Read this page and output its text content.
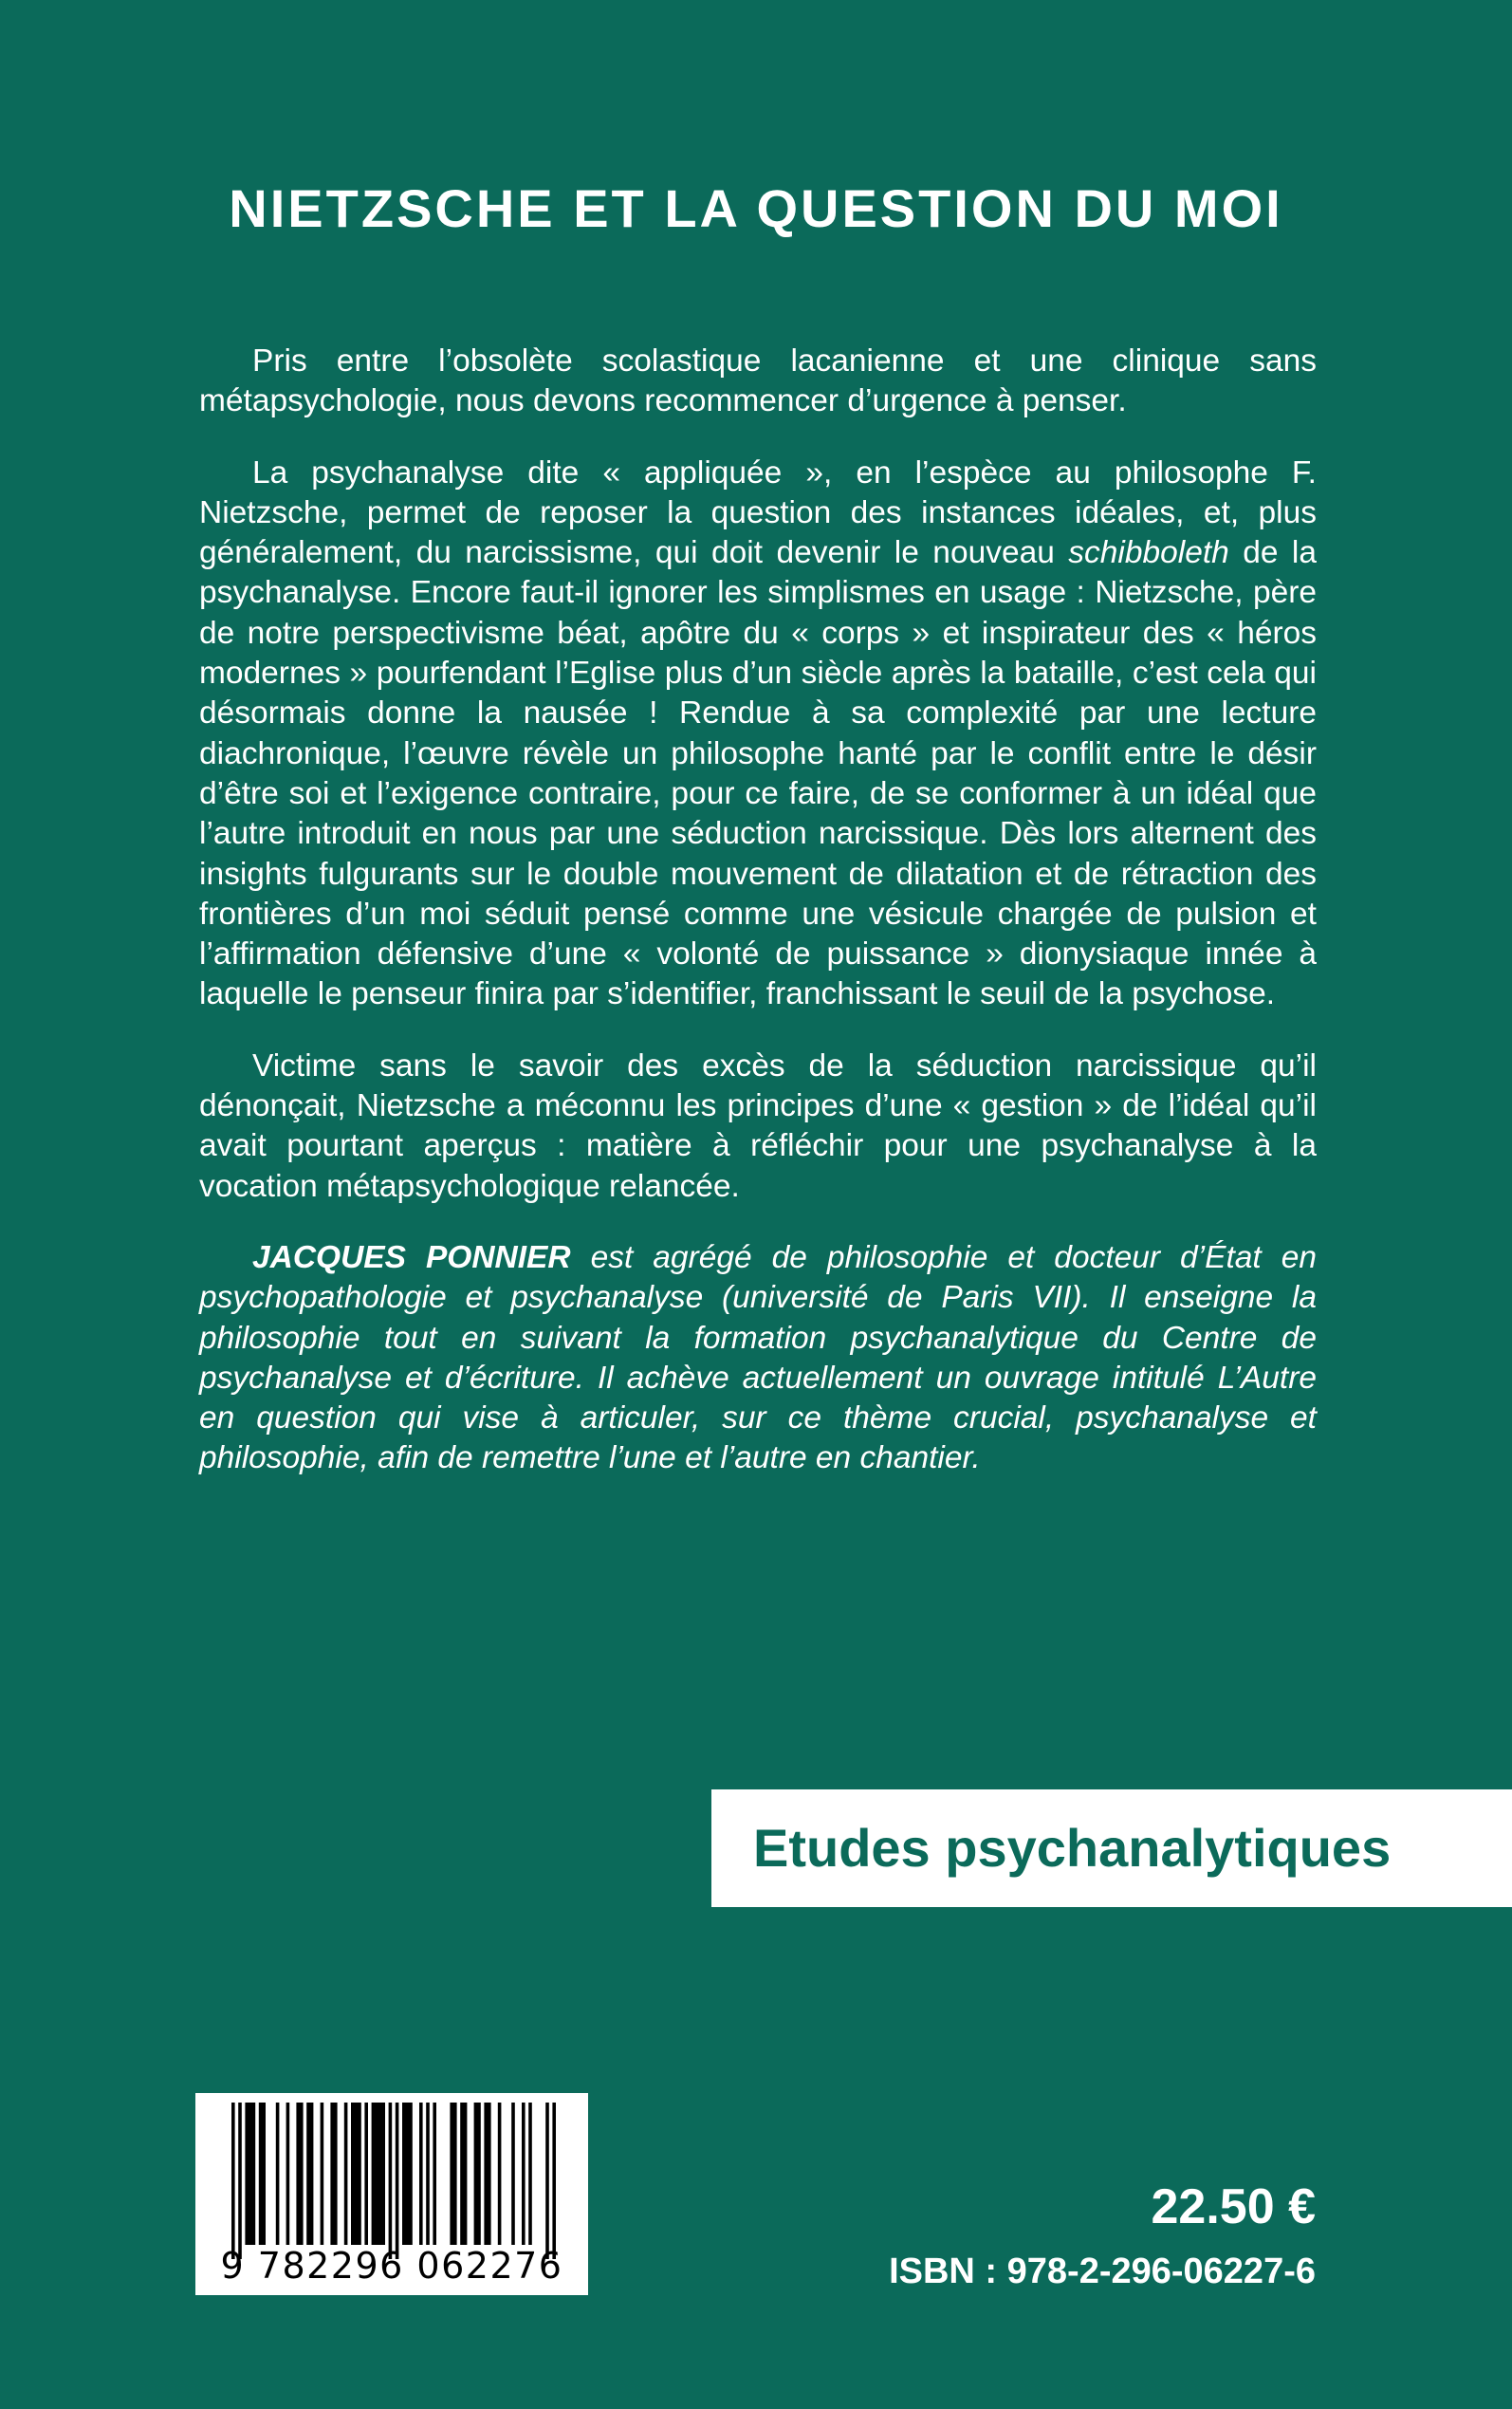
NIETZSCHE ET LA QUESTION DU MOI

Pris entre l’obsolète scolastique lacanienne et une clinique sans métapsychologie, nous devons recommencer d’urgence à penser.

La psychanalyse dite « appliquée », en l’espèce au philosophe F. Nietzsche, permet de reposer la question des instances idéales, et, plus généralement, du narcissisme, qui doit devenir le nouveau schibboleth de la psychanalyse. Encore faut-il ignorer les simplismes en usage : Nietzsche, père de notre perspectivisme béat, apôtre du « corps » et inspirateur des « héros modernes » pourfendant l’Eglise plus d’un siècle après la bataille, c’est cela qui désormais donne la nausée ! Rendue à sa complexité par une lecture diachronique, l’œuvre révèle un philosophe hanté par le conflit entre le désir d’être soi et l’exigence contraire, pour ce faire, de se conformer à un idéal que l’autre introduit en nous par une séduction narcissique. Dès lors alternent des insights fulgurants sur le double mouvement de dilatation et de rétraction des frontières d’un moi séduit pensé comme une vésicule chargée de pulsion et l’affirmation défensive d’une « volonté de puissance » dionysiaque innée à laquelle le penseur finira par s’identifier, franchissant le seuil de la psychose.

Victime sans le savoir des excès de la séduction narcissique qu’il dénonçait, Nietzsche a méconnu les principes d’une « gestion » de l’idéal qu’il avait pourtant aperçus : matière à réfléchir pour une psychanalyse à la vocation métapsychologique relancée.

JACQUES PONNIER est agrégé de philosophie et docteur d’État en psychopathologie et psychanalyse (université de Paris VII). Il enseigne la philosophie tout en suivant la formation psychanalytique du Centre de psychanalyse et d’écriture. Il achève actuellement un ouvrage intitulé L’Autre en question qui vise à articuler, sur ce thème crucial, psychanalyse et philosophie, afin de remettre l’une et l’autre en chantier.

Etudes psychanalytiques
9 782296 062276
22.50 €
ISBN : 978-2-296-06227-6
